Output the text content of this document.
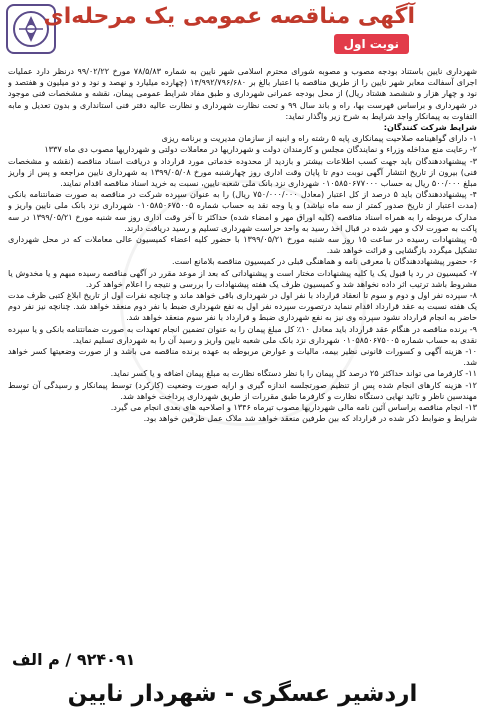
آگهی مناقصه عمومی یک مرحله‌ای
نوبت اول

شهرداری نایین باستناد بودجه مصوب و مصوبه شورای محترم اسلامی شهر نایین به شماره ۷۸/۵/۸۳ مورخ ۹۹/۰۲/۲۲ درنظر دارد عملیات اجرای آسفالت معابر شهر نایین را از طریق مناقصه با اعتبار بالغ بر ۱۴/۹۹۲/۷۹۶/۶۸۰ (چهارده میلیارد و نهصد و نود و دو میلیون و هفتصد و نود و چهار هزار و ششصد هشتاد ریال) از محل بودجه عمرانی شهرداری و طبق مفاد شرایط عمومی پیمان، نقشه و مشخصات فنی موجود در شهرداری و براساس فهرست بها، راه و باند سال ۹۹ و تحت نظارت شهرداری و نظارت عالیه دفتر فنی استانداری و بدون تعدیل و مابه التفاوت به پیمانکار واجد شرایط به شرح زیر واگذار نماید:

شرایط شرکت کنندگان:

۱- دارای گواهینامه صلاحیت پیمانکاری پایه ۵ رشته راه و ابنیه از سازمان مدیریت و برنامه ریزی

۲- رعایت منع مداخله وزراء و نمایندگان مجلس و کارمندان دولت و شهرداریها در معاملات دولتی و شهرداریها مصوب دی ماه ۱۳۳۷

۳- پیشنهاددهندگان باید جهت کسب اطلاعات بیشتر و بازدید از محدوده خدماتی مورد قرارداد و دریافت اسناد مناقصه (نقشه و مشخصات فنی) بیرون از تاریخ انتشار آگهی نوبت دوم تا پایان وقت اداری روز چهارشنبه مورخ ۱۳۹۹/۰۵/۰۸ به شهرداری نایین مراجعه و پس از واریز مبلغ ۵۰۰/۰۰۰ ریال به حساب ۰۱۰۵۸۵۰۶۷۷۰۰۰ شهرداری نزد بانک ملی شعبه نایین، نسبت به خرید اسناد مناقصه اقدام نمایند.

۴- پیشنهاددهندگان باید ۵ درصد از کل اعتبار (معادل ۷۵۰/۰۰۰/۰۰۰ ریال) را به عنوان سپرده شرکت در مناقصه به صورت ضمانتنامه بانکی (مدت اعتبار از تاریخ صدور کمتر از سه ماه نباشد) و یا وجه نقد به حساب شماره ۰۱۰۵۸۵۰۶۷۵۰۰۵ شهرداری نزد بانک ملی نایین واریز و مدارک مربوطه را به همراه اسناد مناقصه (کلیه اوراق مهر و امضاء شده) حداکثر تا آخر وقت اداری روز سه شنبه مورخ ۱۳۹۹/۰۵/۲۱ در سه پاکت به صورت لاک و مهر شده در قبال اخذ رسید به واحد حراست شهرداری تسلیم و رسید دریافت دارند.

۵- پیشنهادات رسیده در ساعت ۱۵ روز سه شنبه مورخ ۱۳۹۹/۰۵/۲۱ با حضور کلیه اعضاء کمیسیون عالی معاملات که در محل شهرداری تشکیل میگردد بازگشایی و قرائت خواهد شد.

۶- حضور پیشنهاددهندگان با معرفی نامه و هماهنگی قبلی در کمیسیون مناقصه بلامانع است.

۷- کمیسیون در رد یا قبول یک یا کلیه پیشنهادات مختار است و پیشنهاداتی که بعد از موعد مقرر در آگهی مناقصه رسیده مبهم و یا مخدوش یا مشروط باشد ترتیب اثر داده نخواهد شد و کمیسیون ظرف یک هفته پیشنهادات را بررسی و نتیجه را اعلام خواهد کرد.

۸- سپرده نفر اول و دوم و سوم تا انعقاد قرارداد با نفر اول در شهرداری باقی خواهد ماند و چنانچه نفرات اول از تاریخ ابلاغ کتبی ظرف مدت یک هفته نسبت به عقد قرارداد اقدام ننماید درتصورت سپرده نفر اول به نفع شهرداری ضبط با نفر دوم منعقد خواهد شد. چنانچه نیز نفر دوم حاضر به انجام قرارداد نشود سپرده وی نیز به نفع شهرداری ضبط و قرارداد با نفر سوم منعقد خواهد شد.

۹- برنده مناقصه در هنگام عقد قرارداد باید معادل ۱۰٪ کل مبلغ پیمان را به عنوان تضمین انجام تعهدات به صورت ضمانتنامه بانکی و یا سپرده نقدی به حساب شماره ۰۱۰۵۸۵۰۶۷۵۰۰۵ شهرداری نزد بانک ملی شعبه نایین واریز و رسید آن را به شهرداری تسلیم نماید.

۱۰- هزینه آگهی و کسورات قانونی نظیر بیمه، مالیات و عوارض مربوطه به عهده برنده مناقصه می باشد و از صورت وضعیتها کسر خواهد شد.

۱۱- کارفرما می تواند حداکثر ۲۵ درصد کل پیمان را با نظر دستگاه نظارت به مبلغ پیمان اضافه و یا کسر نماید.

۱۲- هزینه کارهای انجام شده پس از تنظیم صورتجلسه اندازه گیری و ارایه صورت وضعیت (کارکرد) توسط پیمانکار و رسیدگی آن توسط مهندسین ناظر و تائید نهایی دستگاه نظارت و کارفرما طبق مقررات از طریق شهرداری پرداخت خواهد شد.

۱۳- انجام مناقصه براساس آئین نامه مالی شهرداریها مصوب تیرماه ۱۳۴۶ و اصلاحیه های بعدی انجام می گیرد.

شرایط و ضوابط ذکر شده در قرارداد که بین طرفین منعقد خواهد شد ملاک عمل طرفین خواهد بود.

۹۲۴۰۹۱ / م الف
اردشیر عسگری - شهردار نایین
